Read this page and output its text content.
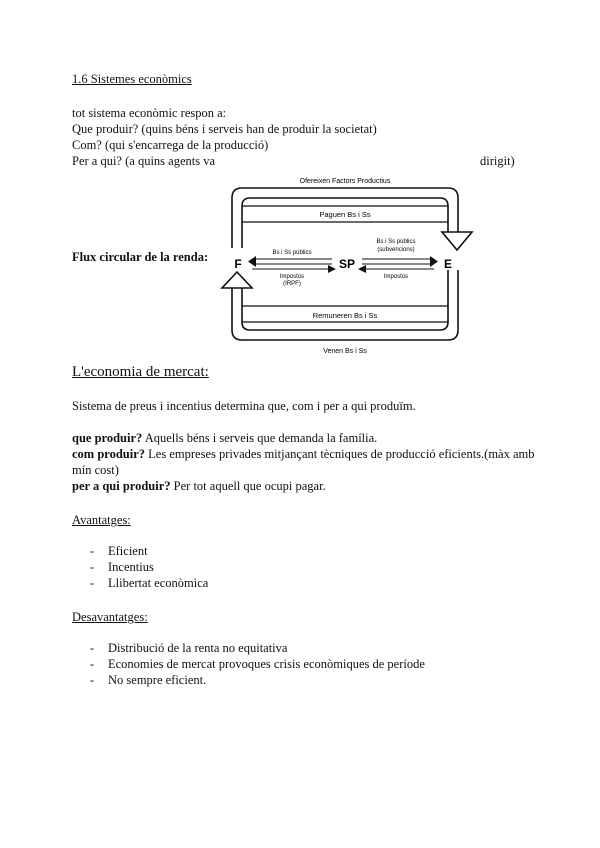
1.6 Sistemes econòmics
tot sistema econòmic respon a:
Que produir? (quins béns i serveis han de produir la societat)
Com? (qui s'encarrega de la producció)
Per a qui? (a quins agents va	dirigit)
Flux circular de la renda:
Ofereixen Factors Productius
Paguen Bs i Ss
Remuneren Bs i Ss
Venen Bs i Ss
F	SP	E
Bs i Ss públics
Impostos
(IRPF)
Bs i Ss públics
(subvencions)
Impostos
L'economia de mercat:
Sistema de preus i incentius determina que, com i per a qui produïm.
que produir? Aquells béns i serveis que demanda la família.
com produir? Les empreses privades mitjançant tècniques de producció eficients.(màx amb
mín cost)
per a qui produir? Per tot aquell que ocupi pagar.
Avantatges:
- Eficient
- Incentius
- Llibertat econòmica
Desavantatges:
- Distribució de la renta no equitativa
- Economies de mercat provoques crisis econòmiques de període
- No sempre eficient.
